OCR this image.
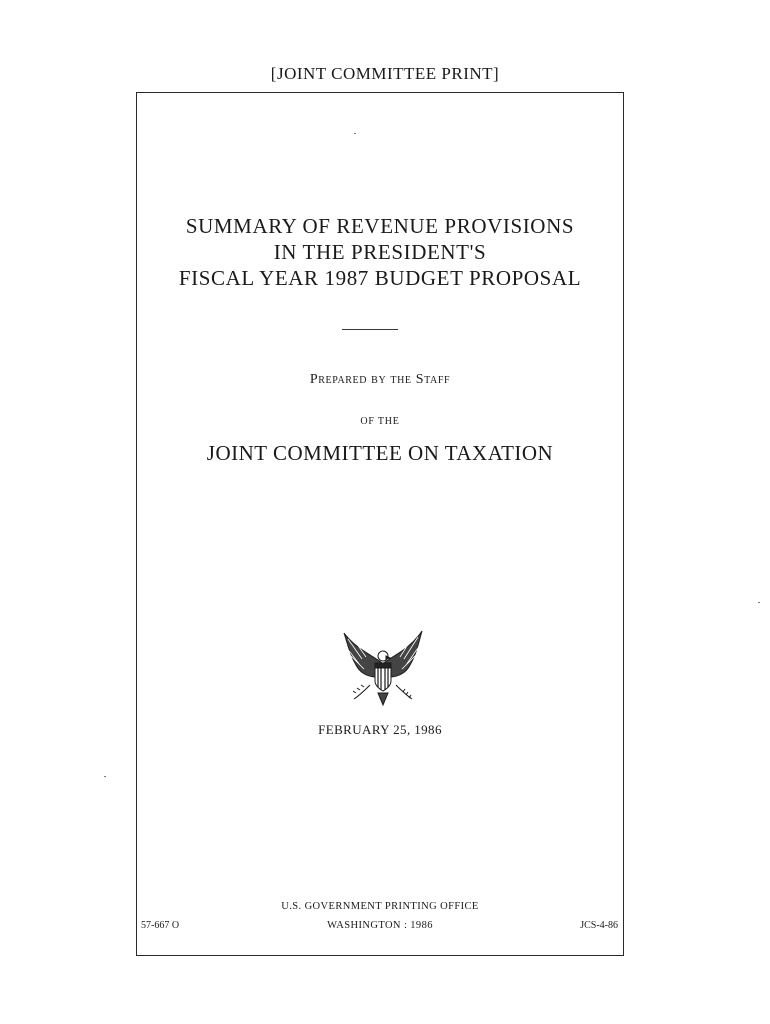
[JOINT COMMITTEE PRINT]
SUMMARY OF REVENUE PROVISIONS
IN THE PRESIDENT'S
FISCAL YEAR 1987 BUDGET PROPOSAL
Prepared by the Staff
OF THE
JOINT COMMITTEE ON TAXATION
FEBRUARY 25, 1986
U.S. GOVERNMENT PRINTING OFFICE
WASHINGTON : 1986
57-667 O	JCS-4-86
